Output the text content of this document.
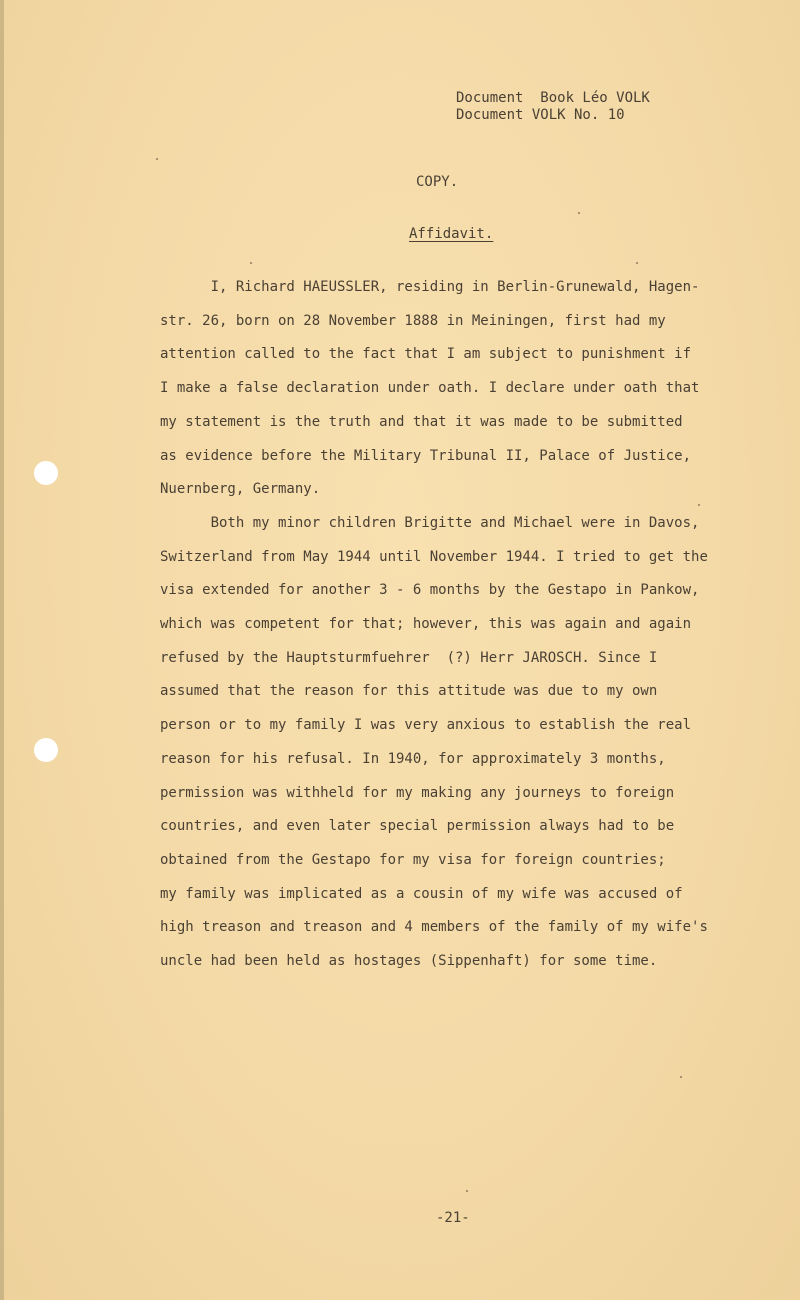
Document  Book Léo VOLK
Document VOLK No. 10
COPY.
Affidavit.
I, Richard HAEUSSLER, residing in Berlin-Grunewald, Hagen-
str. 26, born on 28 November 1888 in Meiningen, first had my
attention called to the fact that I am subject to punishment if
I make a false declaration under oath. I declare under oath that
my statement is the truth and that it was made to be submitted
as evidence before the Military Tribunal II, Palace of Justice,
Nuernberg, Germany.
Both my minor children Brigitte and Michael were in Davos,
Switzerland from May 1944 until November 1944. I tried to get the
visa extended for another 3 - 6 months by the Gestapo in Pankow,
which was competent for that; however, this was again and again
refused by the Hauptsturmfuehrer  (?) Herr JAROSCH. Since I
assumed that the reason for this attitude was due to my own
person or to my family I was very anxious to establish the real
reason for his refusal. In 1940, for approximately 3 months,
permission was withheld for my making any journeys to foreign
countries, and even later special permission always had to be
obtained from the Gestapo for my visa for foreign countries;
my family was implicated as a cousin of my wife was accused of
high treason and treason and 4 members of the family of my wife's
uncle had been held as hostages (Sippenhaft) for some time.
-21-
